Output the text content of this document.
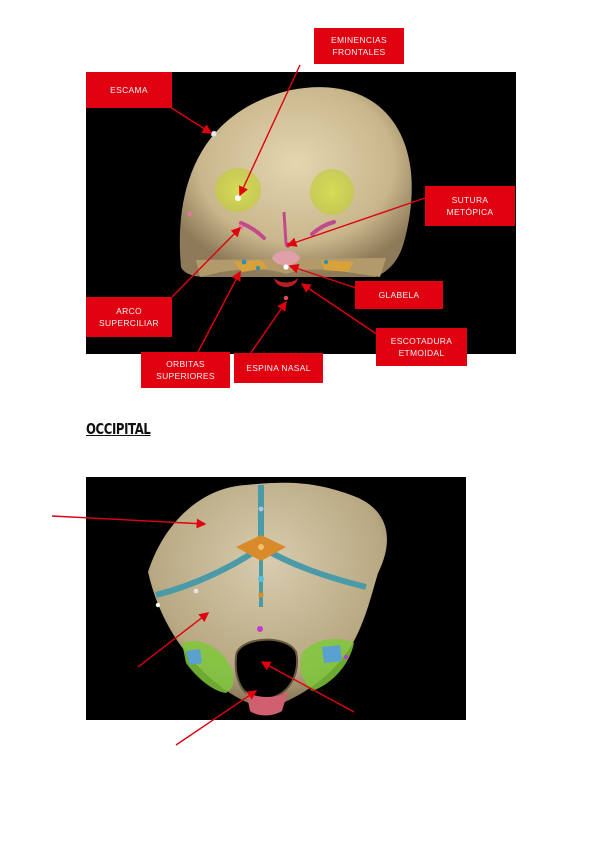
ESCAMA
EMINENCIAS
FRONTALES
SUTURA
METÓPICA
GLABELA
ARCO
SUPERCILIAR
ESCOTADURA
ETMOIDAL
ORBITAS
SUPERIORES
ESPINA NASAL
OCCIPITAL
